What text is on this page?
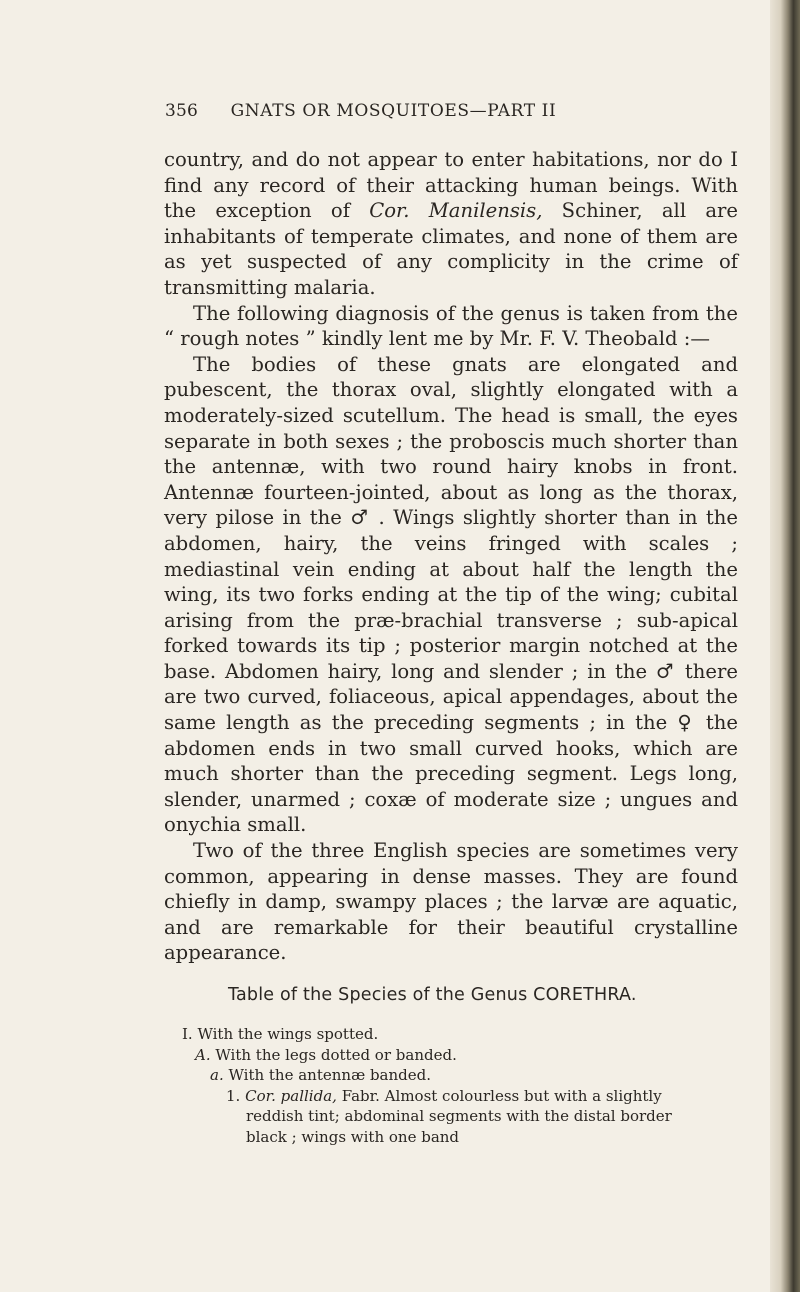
356 GNATS OR MOSQUITOES—PART II

country, and do not appear to enter habitations, nor do I find any record of their attacking human beings. With the exception of Cor. Manilensis, Schiner, all are inhabitants of temperate climates, and none of them are as yet suspected of any complicity in the crime of transmitting malaria.

The following diagnosis of the genus is taken from the “ rough notes ” kindly lent me by Mr. F. V. Theobald :—

The bodies of these gnats are elongated and pubescent, the thorax oval, slightly elongated with a moderately-sized scutellum. The head is small, the eyes separate in both sexes ; the proboscis much shorter than the antennæ, with two round hairy knobs in front. Antennæ fourteen-jointed, about as long as the thorax, very pilose in the ♂ . Wings slightly shorter than in the abdomen, hairy, the veins fringed with scales ; mediastinal vein ending at about half the length the wing, its two forks ending at the tip of the wing; cubital arising from the præ-brachial transverse ; sub-apical forked towards its tip ; posterior margin notched at the base. Abdomen hairy, long and slender ; in the ♂ there are two curved, foliaceous, apical appendages, about the same length as the preceding segments ; in the ♀ the abdomen ends in two small curved hooks, which are much shorter than the preceding segment. Legs long, slender, unarmed ; coxæ of moderate size ; ungues and onychia small.

Two of the three English species are sometimes very common, appearing in dense masses. They are found chiefly in damp, swampy places ; the larvæ are aquatic, and are remarkable for their beautiful crystalline appearance.

Table of the Species of the Genus CORETHRA.
I. With the wings spotted.
A. With the legs dotted or banded.
a. With the antennæ banded.
1. Cor. pallida, Fabr. Almost colourless but with a slightly
reddish tint; abdominal segments with the distal border
black ; wings with one band
